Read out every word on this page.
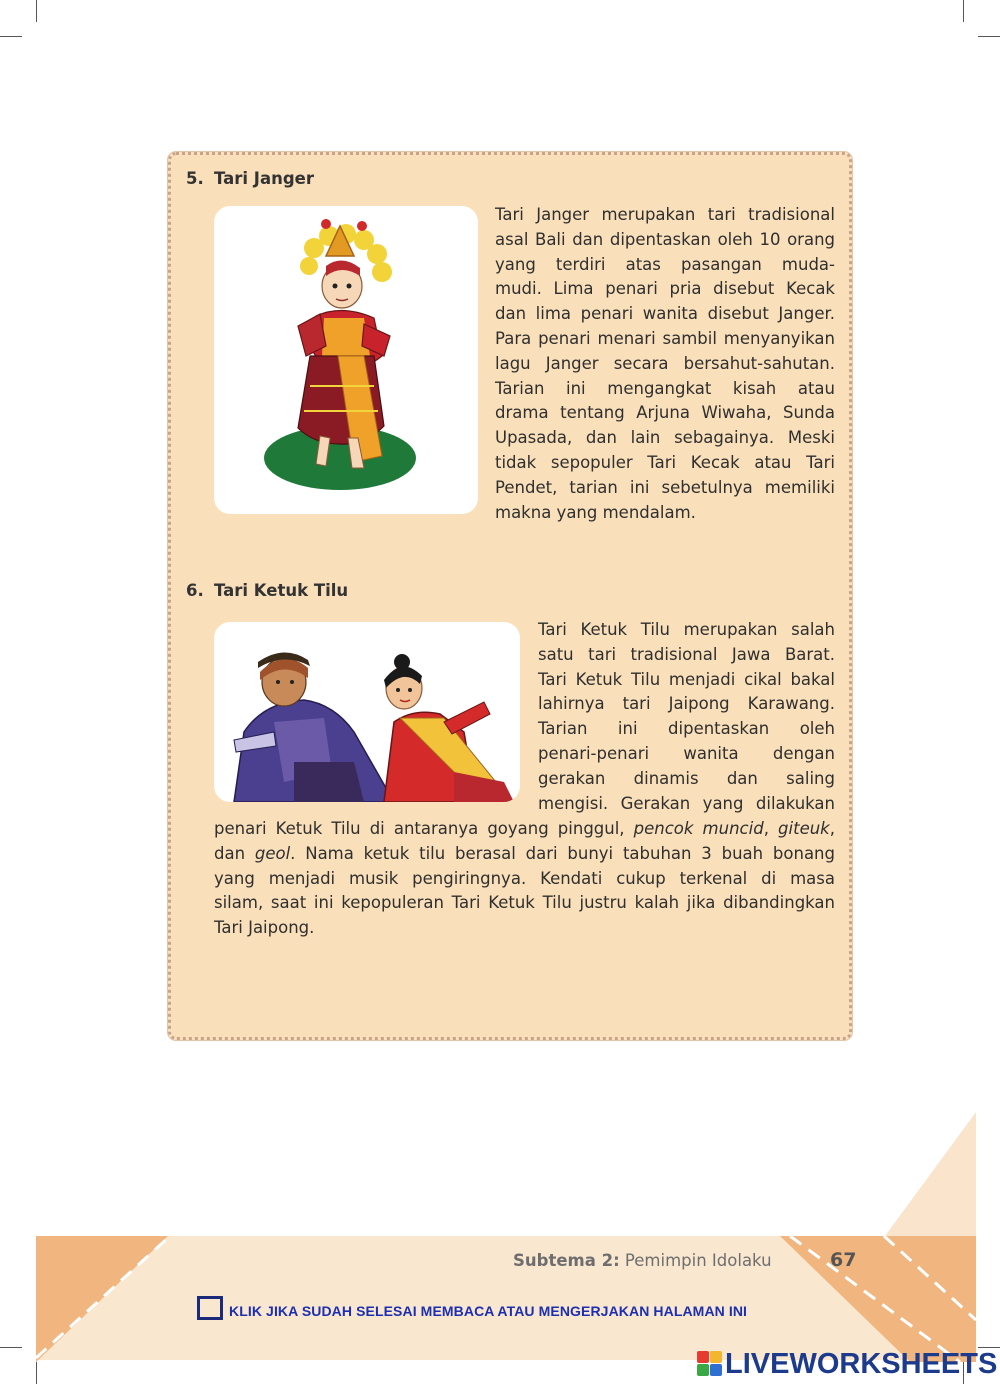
5. Tari Janger
Tari Janger merupakan tari tradisional
asal Bali dan dipentaskan oleh 10 orang
yang terdiri atas pasangan muda-
mudi. Lima penari pria disebut Kecak
dan lima penari wanita disebut Janger.
Para penari menari sambil menyanyikan
lagu Janger secara bersahut-sahutan.
Tarian ini mengangkat kisah atau
drama tentang Arjuna Wiwaha, Sunda
Upasada, dan lain sebagainya. Meski
tidak sepopuler Tari Kecak atau Tari
Pendet, tarian ini sebetulnya memiliki
makna yang mendalam.
6. Tari Ketuk Tilu
Tari Ketuk Tilu merupakan salah
satu tari tradisional Jawa Barat.
Tari Ketuk Tilu menjadi cikal bakal
lahirnya tari Jaipong Karawang.
Tarian ini dipentaskan oleh
penari-penari wanita dengan
gerakan dinamis dan saling
mengisi. Gerakan yang dilakukan
penari Ketuk Tilu di antaranya goyang pinggul, pencok muncid, giteuk,
dan geol. Nama ketuk tilu berasal dari bunyi tabuhan 3 buah bonang
yang menjadi musik pengiringnya. Kendati cukup terkenal di masa
silam, saat ini kepopuleran Tari Ketuk Tilu justru kalah jika dibandingkan
Tari Jaipong.
Subtema 2: Pemimpin Idolaku	67
KLIK JIKA SUDAH SELESAI MEMBACA ATAU MENGERJAKAN HALAMAN INI
LIVEWORKSHEETS
